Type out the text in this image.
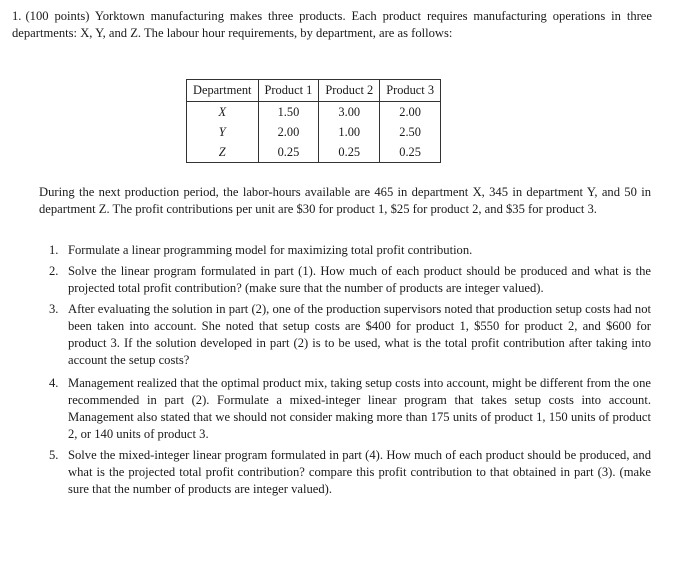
1. (100 points) Yorktown manufacturing makes three products. Each product requires manufacturing operations in three departments: X, Y, and Z. The labour hour requirements, by department, are as follows:
Department	Product 1	Product 2	Product 3
X	1.50	3.00	2.00
Y	2.00	1.00	2.50
Z	0.25	0.25	0.25
During the next production period, the labor-hours available are 465 in department X, 345 in department Y, and 50 in department Z. The profit contributions per unit are $30 for product 1, $25 for product 2, and $35 for product 3.
1. Formulate a linear programming model for maximizing total profit contribution.
2. Solve the linear program formulated in part (1). How much of each product should be produced and what is the projected total profit contribution? (make sure that the number of products are integer valued).
3. After evaluating the solution in part (2), one of the production supervisors noted that production setup costs had not been taken into account. She noted that setup costs are $400 for product 1, $550 for product 2, and $600 for product 3. If the solution developed in part (2) is to be used, what is the total profit contribution after taking into account the setup costs?
4. Management realized that the optimal product mix, taking setup costs into account, might be different from the one recommended in part (2). Formulate a mixed-integer linear program that takes setup costs into account. Management also stated that we should not consider making more than 175 units of product 1, 150 units of product 2, or 140 units of product 3.
5. Solve the mixed-integer linear program formulated in part (4). How much of each product should be produced, and what is the projected total profit contribution? compare this profit contribution to that obtained in part (3). (make sure that the number of products are integer valued).
